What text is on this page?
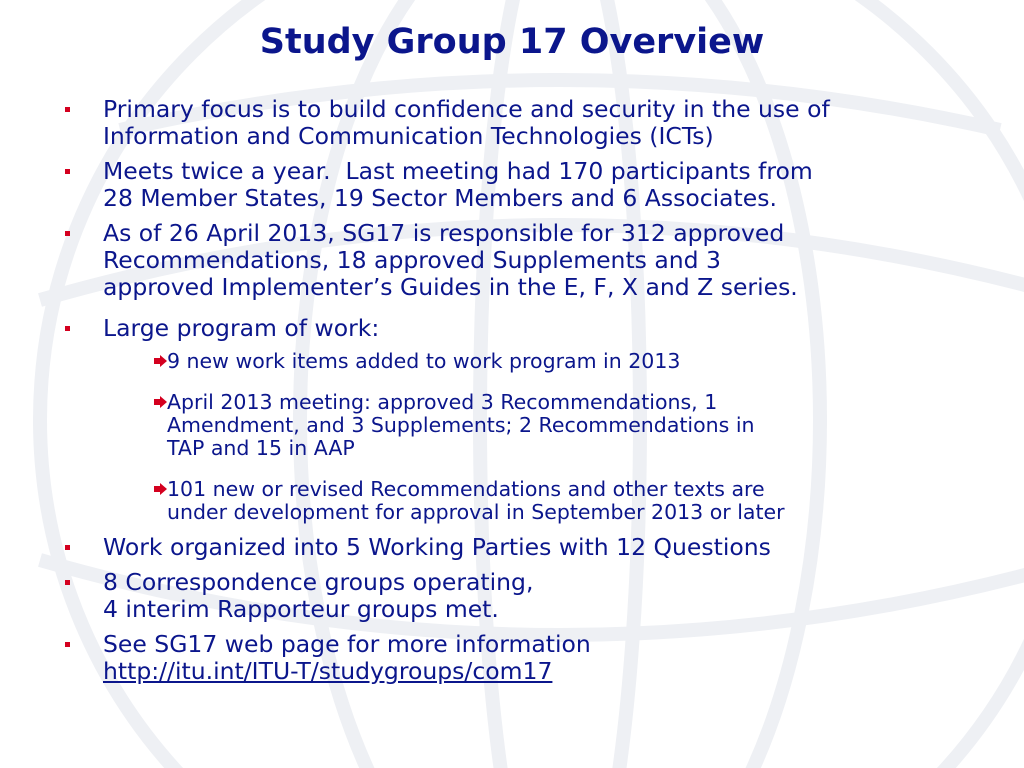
Study Group 17 Overview
Primary focus is to build confidence and security in the use of
Information and Communication Technologies (ICTs)
Meets twice a year.  Last meeting had 170 participants from
28 Member States, 19 Sector Members and 6 Associates.
As of 26 April 2013, SG17 is responsible for 312 approved
Recommendations, 18 approved Supplements and 3
approved Implementer’s Guides in the E, F, X and Z series.
Large program of work:
9 new work items added to work program in 2013
April 2013 meeting: approved 3 Recommendations, 1
Amendment, and 3 Supplements; 2 Recommendations in
TAP and 15 in AAP
101 new or revised Recommendations and other texts are
under development for approval in September 2013 or later
Work organized into 5 Working Parties with 12 Questions
8 Correspondence groups operating,
4 interim Rapporteur groups met.
See SG17 web page for more information
http://itu.int/ITU-T/studygroups/com17
